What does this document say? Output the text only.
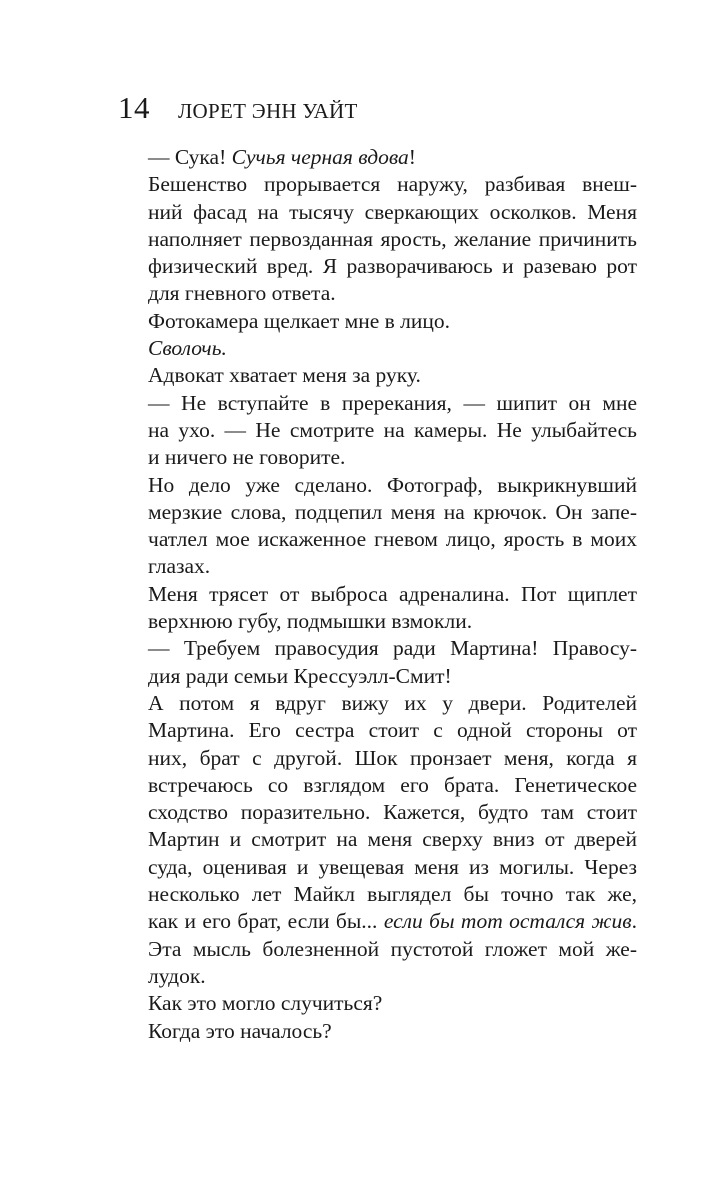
14 ЛОРЕТ ЭНН УАЙТ
— Сука! Сучья черная вдова!
Бешенство прорывается наружу, разбивая внеш-
ний фасад на тысячу сверкающих осколков. Меня
наполняет первозданная ярость, желание причинить
физический вред. Я разворачиваюсь и разеваю рот
для гневного ответа.
Фотокамера щелкает мне в лицо.
Сволочь.
Адвокат хватает меня за руку.
— Не вступайте в пререкания, — шипит он мне
на ухо. — Не смотрите на камеры. Не улыбайтесь
и ничего не говорите.
Но дело уже сделано. Фотограф, выкрикнувший
мерзкие слова, подцепил меня на крючок. Он запе-
чатлел мое искаженное гневом лицо, ярость в моих
глазах.
Меня трясет от выброса адреналина. Пот щиплет
верхнюю губу, подмышки взмокли.
— Требуем правосудия ради Мартина! Правосу-
дия ради семьи Крессуэлл-Смит!
А потом я вдруг вижу их у двери. Родителей
Мартина. Его сестра стоит с одной стороны от
них, брат с другой. Шок пронзает меня, когда я
встречаюсь со взглядом его брата. Генетическое
сходство поразительно. Кажется, будто там стоит
Мартин и смотрит на меня сверху вниз от дверей
суда, оценивая и увещевая меня из могилы. Через
несколько лет Майкл выглядел бы точно так же,
как и его брат, если бы... если бы тот остался жив.
Эта мысль болезненной пустотой гложет мой же-
лудок.
Как это могло случиться?
Когда это началось?
